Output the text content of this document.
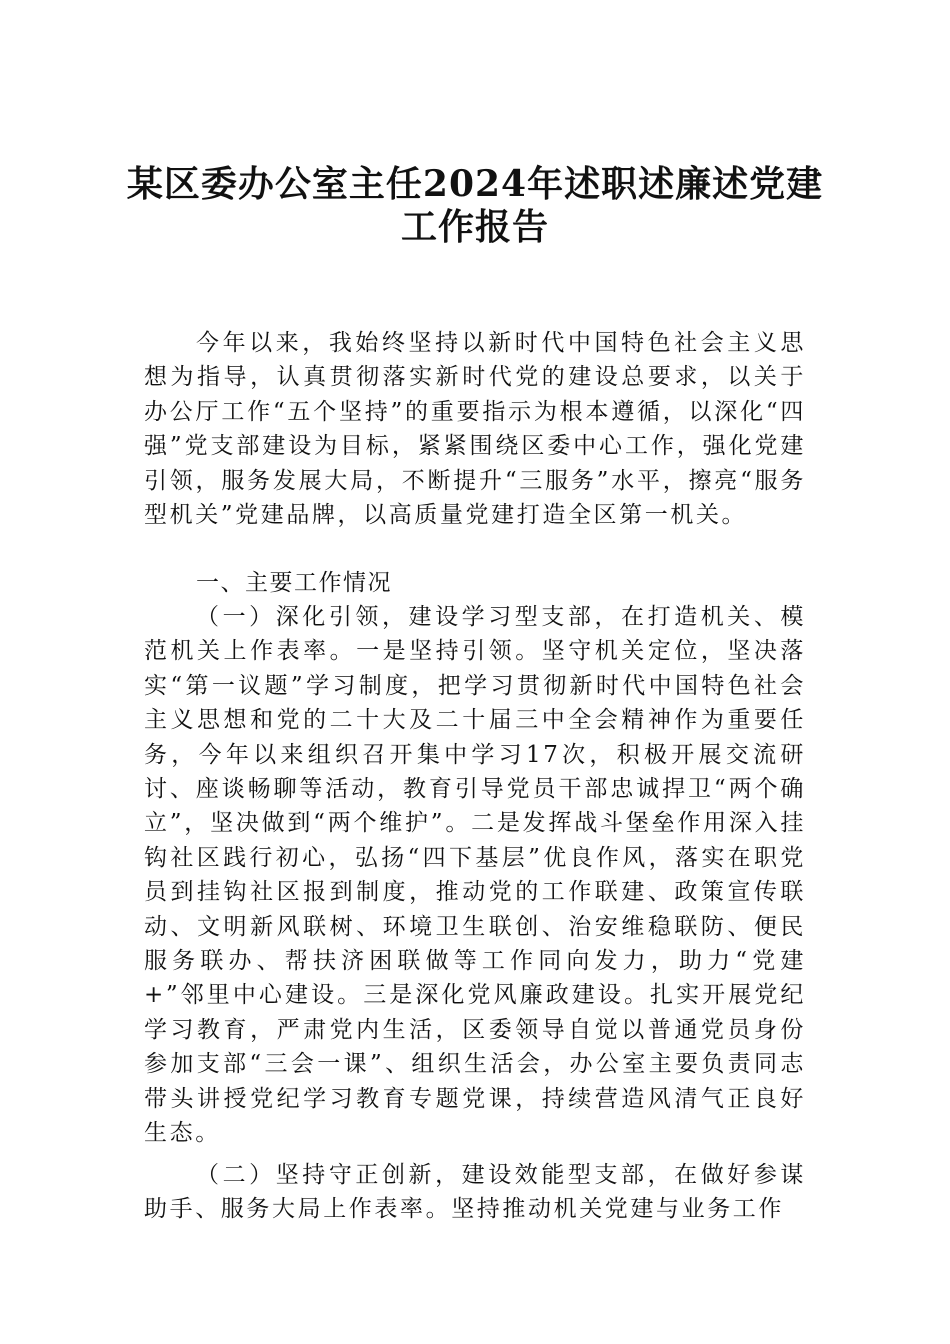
某区委办公室主任2024年述职述廉述党建
工作报告

今年以来，我始终坚持以新时代中国特色社会主义思想为指导，认真贯彻落实新时代党的建设总要求，以关于办公厅工作“五个坚持”的重要指示为根本遵循，以深化“四强”党支部建设为目标，紧紧围绕区委中心工作，强化党建引领，服务发展大局，不断提升“三服务”水平，擦亮“服务型机关”党建品牌，以高质量党建打造全区第一机关。

一、主要工作情况

（一）深化引领，建设学习型支部，在打造机关、模范机关上作表率。一是坚持引领。坚守机关定位，坚决落实“第一议题”学习制度，把学习贯彻新时代中国特色社会主义思想和党的二十大及二十届三中全会精神作为重要任务，今年以来组织召开集中学习17次，积极开展交流研讨、座谈畅聊等活动，教育引导党员干部忠诚捍卫“两个确立”，坚决做到“两个维护”。二是发挥战斗堡垒作用深入挂钩社区践行初心，弘扬“四下基层”优良作风，落实在职党员到挂钩社区报到制度，推动党的工作联建、政策宣传联动、文明新风联树、环境卫生联创、治安维稳联防、便民服务联办、帮扶济困联做等工作同向发力，助力“党建+”邻里中心建设。三是深化党风廉政建设。扎实开展党纪学习教育，严肃党内生活，区委领导自觉以普通党员身份参加支部“三会一课”、组织生活会，办公室主要负责同志带头讲授党纪学习教育专题党课，持续营造风清气正良好生态。

（二）坚持守正创新，建设效能型支部，在做好参谋助手、服务大局上作表率。坚持推动机关党建与业务工作
